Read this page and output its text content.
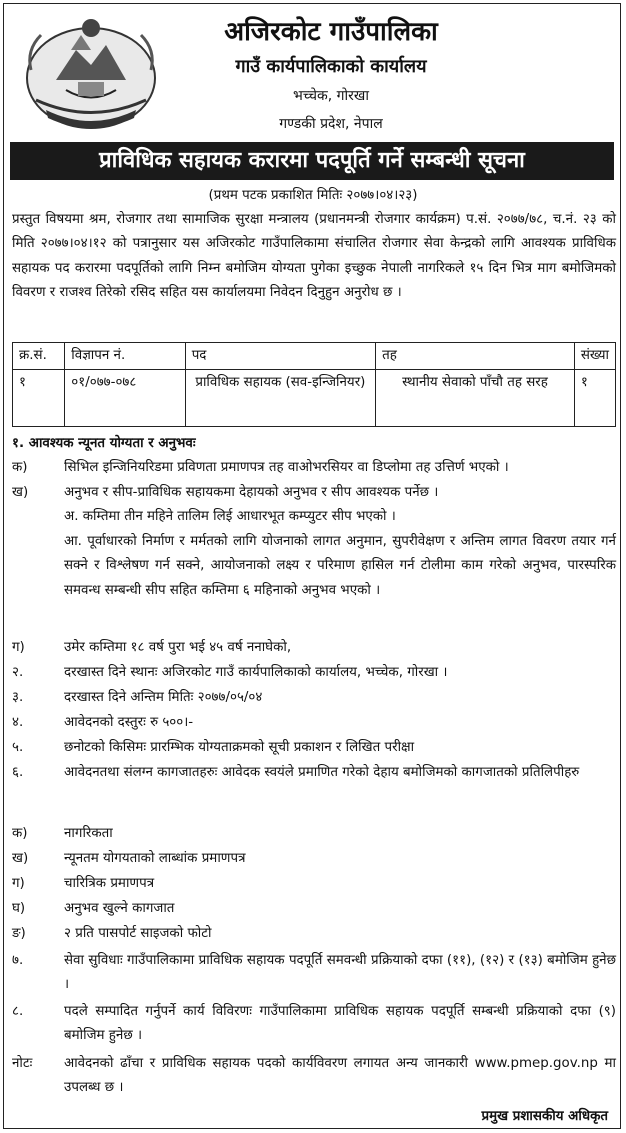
अजिरकोट गाउँपालिका
गाउँ कार्यपालिकाको कार्यालय
भच्चेक, गोरखा
गण्डकी प्रदेश, नेपाल
प्राविधिक सहायक करारमा पदपूर्ति गर्ने सम्बन्धी सूचना
(प्रथम पटक प्रकाशित मितिः २०७७।०४।२३)
प्रस्तुत विषयमा श्रम, रोजगार तथा सामाजिक सुरक्षा मन्त्रालय (प्रधानमन्त्री रोजगार कार्यक्रम) प.सं. २०७७/७८, च.नं. २३ को मिति २०७७।०४।१२ को पत्रानुसार यस अजिरकोट गाउँपालिकामा संचालित रोजगार सेवा केन्द्रको लागि आवश्यक प्राविधिक सहायक पद करारमा पदपूर्तिको लागि निम्न बमोजिम योग्यता पुगेका इच्छुक नेपाली नागरिकले १५ दिन भित्र माग बमोजिमको विवरण र राजश्व तिरेको रसिद सहित यस कार्यालयमा निवेदन दिनुहुन अनुरोध छ ।
क्र.सं.	विज्ञापन नं.	पद	तह	संख्या
१	०१/०७७-०७८	प्राविधिक सहायक (सव-इन्जिनियर)	स्थानीय सेवाको पाँचौ तह सरह	१
१. आवश्यक न्यूनत योग्यता र अनुभवः
क)	सिभिल इन्जिनियरिडमा प्रविणता प्रमाणपत्र तह वाओभरसियर वा डिप्लोमा तह उत्तिर्ण भएको ।
ख)	अनुभव र सीप-प्राविधिक सहायकमा देहायको अनुभव र सीप आवश्यक पर्नेछ ।
अ. कम्तिमा तीन महिने तालिम लिई आधारभूत कम्प्युटर सीप भएको ।
आ. पूर्वाधारको निर्माण र मर्मतको लागि योजनाको लागत अनुमान, सुपरीवेक्षण र अन्तिम लागत विवरण तयार गर्न सक्ने र विश्लेषण गर्न सक्ने, आयोजनाको लक्ष्य र परिमाण हासिल गर्न टोलीमा काम गरेको अनुभव, पारस्परिक समवन्ध सम्बन्धी सीप सहित कम्तिमा ६ महिनाको अनुभव भएको ।
ग)	उमेर कम्तिमा १८ वर्ष पुरा भई ४५ वर्ष ननाघेको,
२.	दरखास्त दिने स्थानः अजिरकोट गाउँ कार्यपालिकाको कार्यालय, भच्चेक, गोरखा ।
३.	दरखास्त दिने अन्तिम मितिः २०७७/०५/०४
४.	आवेदनको दस्तुरः रु ५००।-
५.	छनोटको किसिमः प्रारम्भिक योग्यताक्रमको सूची प्रकाशन र लिखित परीक्षा
६.	आवेदनतथा संलग्न कागजातहरुः आवेदक स्वयंले प्रमाणित गरेको देहाय बमोजिमको कागजातको प्रतिलिपीहरु
क)	नागरिकता
ख)	न्यूनतम योगयताको लाब्धांक प्रमाणपत्र
ग)	चारित्रिक प्रमाणपत्र
घ)	अनुभव खुल्ने कागजात
ङ)	२ प्रति पासपोर्ट साइजको फोटो
७.	सेवा सुविधाः गाउँपालिकामा प्राविधिक सहायक पदपूर्ति समवन्धी प्रक्रियाको दफा (११), (१२) र (१३) बमोजिम हुनेछ ।
८.	पदले सम्पादित गर्नुपर्ने कार्य विविरणः गाउँपालिकामा प्राविधिक सहायक पदपूर्ति सम्बन्धी प्रक्रियाको दफा (९) बमोजिम हुनेछ ।
नोटः	आवेदनको ढाँचा र प्राविधिक सहायक पदको कार्यविवरण लगायत अन्य जानकारी www.pmep.gov.np मा उपलब्ध छ ।
प्रमुख प्रशासकीय अधिकृत
